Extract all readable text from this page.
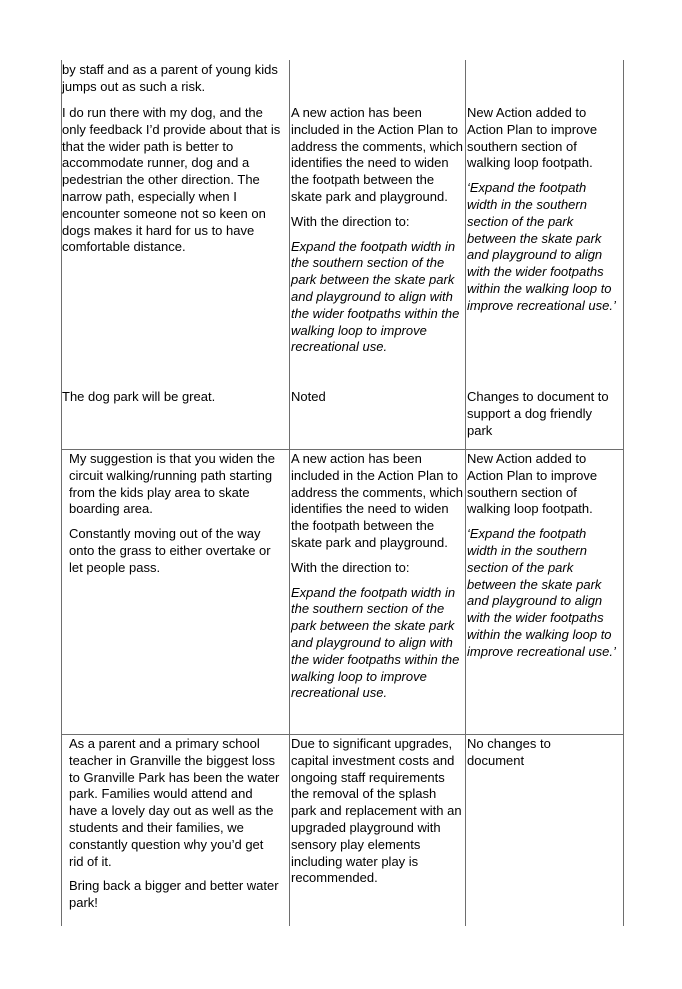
by staff and as a parent of young kids jumps out as such a risk.

I do run there with my dog, and the only feedback I’d provide about that is that the wider path is better to accommodate runner, dog and a pedestrian the other direction. The narrow path, especially when I encounter someone not so keen on dogs makes it hard for us to have comfortable distance.

A new action has been included in the Action Plan to address the comments, which identifies the need to widen the footpath between the skate park and playground.

With the direction to:

Expand the footpath width in the southern section of the park between the skate park and playground to align with the wider footpaths within the walking loop to improve recreational use.

New Action added to Action Plan to improve southern section of walking loop footpath.

‘Expand the footpath width in the southern section of the park between the skate park and playground to align with the wider footpaths within the walking loop to improve recreational use.’

The dog park will be great.	Noted	Changes to document to support a dog friendly park

My suggestion is that you widen the circuit walking/running path starting from the kids play area to skate boarding area.

Constantly moving out of the way onto the grass to either overtake or let people pass.

A new action has been included in the Action Plan to address the comments, which identifies the need to widen the footpath between the skate park and playground.

With the direction to:

Expand the footpath width in the southern section of the park between the skate park and playground to align with the wider footpaths within the walking loop to improve recreational use.

New Action added to Action Plan to improve southern section of walking loop footpath.

‘Expand the footpath width in the southern section of the park between the skate park and playground to align with the wider footpaths within the walking loop to improve recreational use.’

As a parent and a primary school teacher in Granville the biggest loss to Granville Park has been the water park. Families would attend and have a lovely day out as well as the students and their families, we constantly question why you’d get rid of it.

Bring back a bigger and better water park!

Due to significant upgrades, capital investment costs and ongoing staff requirements the removal of the splash park and replacement with an upgraded playground with sensory play elements including water play is recommended.

No changes to document
